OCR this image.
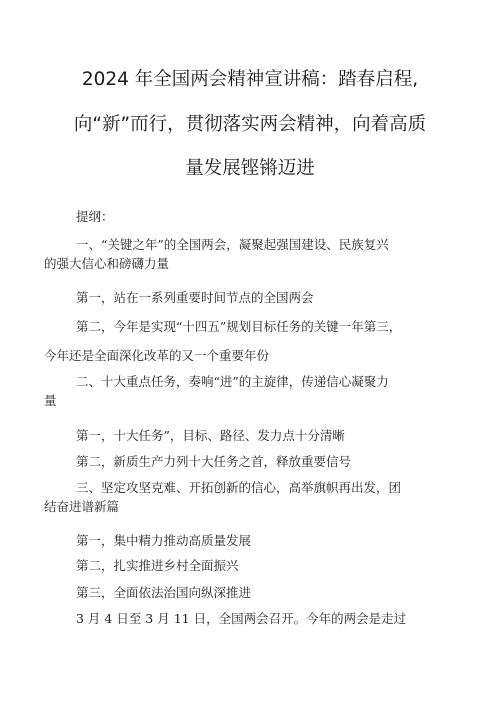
2024 年全国两会精神宣讲稿：踏春启程,
向“新”而行，贯彻落实两会精神，向着高质
量发展铿锵迈进
提纲：
一、“关键之年”的全国两会，凝聚起强国建设、民族复兴
的强大信心和磅礴力量
第一，站在一系列重要时间节点的全国两会
第二，今年是实现“十四五”规划目标任务的关键一年第三，
今年还是全面深化改革的又一个重要年份
二、十大重点任务，奏响“进”的主旋律，传递信心凝聚力
量
第一，十大任务”，目标、路径、发力点十分清晰
第二，新质生产力列十大任务之首，释放重要信号
三、坚定攻坚克难、开拓创新的信心，高举旗帜再出发，团
结奋进谱新篇
第一，集中精力推动高质量发展
第二，扎实推进乡村全面振兴
第三，全面依法治国向纵深推进
3 月 4 日至 3 月 11 日，全国两会召开。今年的两会是走过
